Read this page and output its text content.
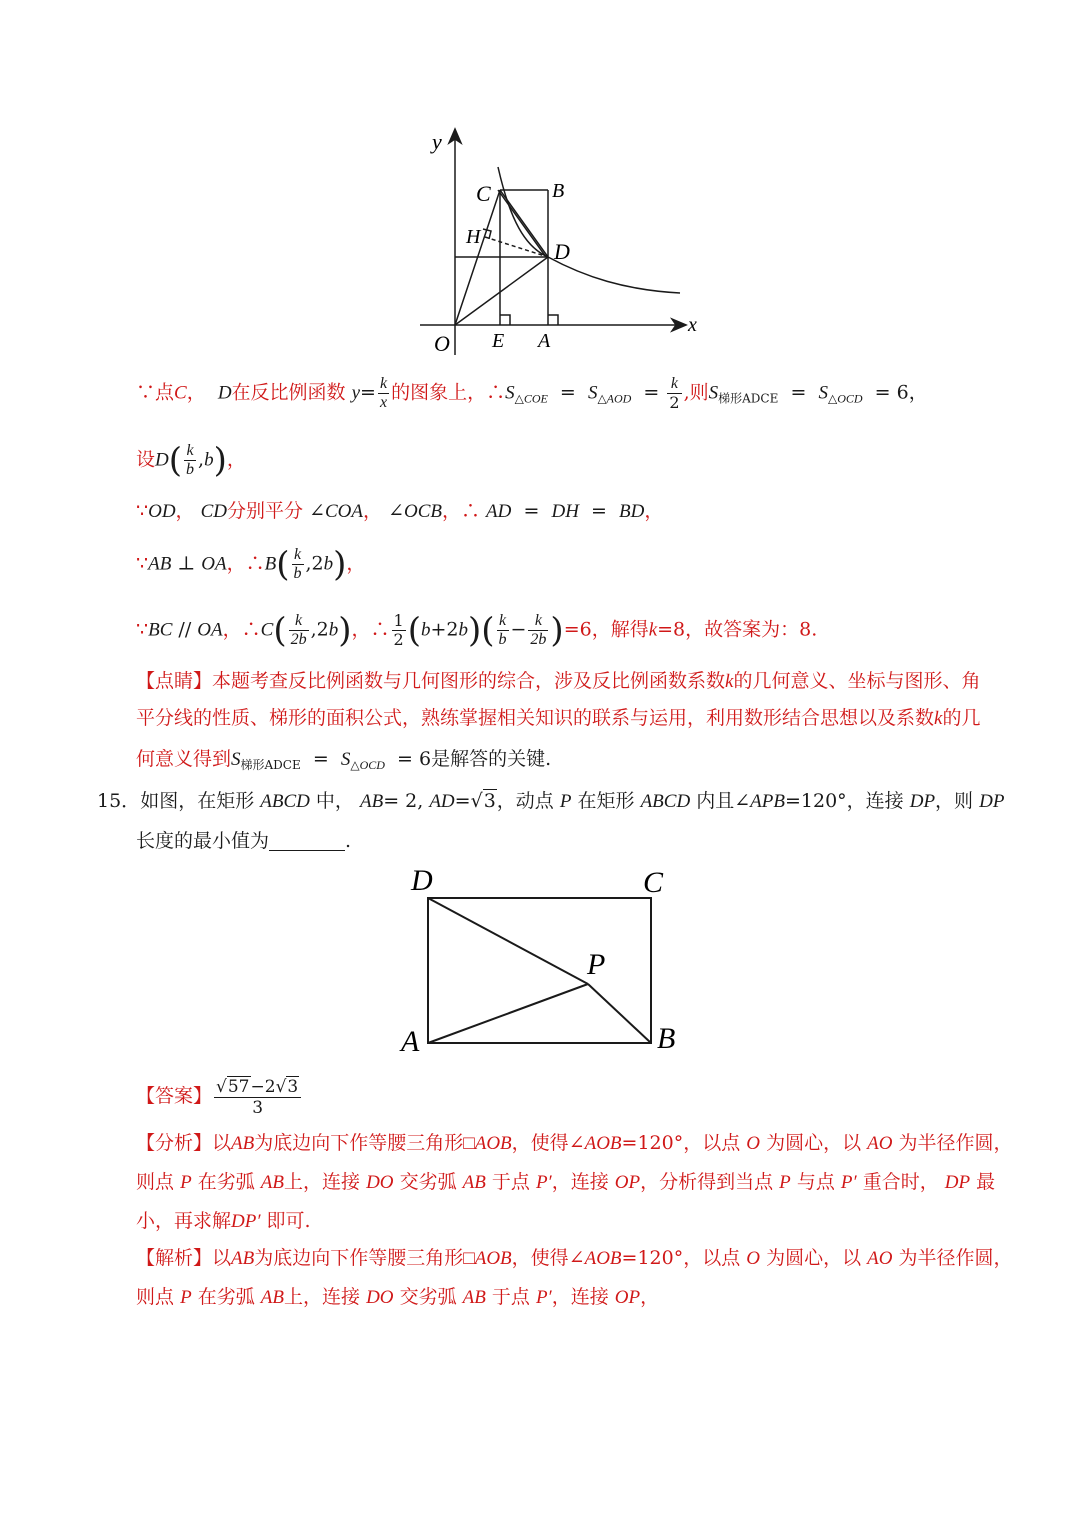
y
x
O E A
C	B
H
D
∵点C， D在反比例函数 $y= \frac{k}{x}$ 的图象上，$\therefore S_{\triangle COE} = S_{\triangle AOD} = \frac{k}{2}$ ,则$S_{梯形ADCE} = S_{\triangle OCD} = 6$，
设$D( \frac{k}{b} ,b)$，
∵OD， CD分别平分 ∠COA， ∠OCB，∴ AD = DH = BD，
∵AB ⊥ OA，∴B( $\frac{k}{b} ,2b$)，
∵BC // OA，∴C( $\frac{k}{2b} ,2b$)，∴ $\frac{1}{2} (b+2b)( \frac{k}{b} - \frac{k}{2b} )=6$，解得k=8，故答案为：8.
【点睛】本题考查反比例函数与几何图形的综合，涉及反比例函数系数k的几何意义、坐标与图形、角
平分线的性质、梯形的面积公式，熟练掌握相关知识的联系与运用，利用数形结合思想以及系数k的几
何意义得到$S_{梯形ADCE} = S_{\triangle OCD} = 6$是解答的关键.
15．如图，在矩形 ABCD 中， AB= 2, AD=√3，动点 P 在矩形 ABCD 内且∠APB=120°，连接 DP，则 DP
长度的最小值为	.
D	C
P
A	B
【答案】 $\frac{√57-2√3}{3}$
【分析】以AB为底边向下作等腰三角形□AOB，使得∠AOB=120°，以点 O 为圆心，以 AO 为半径作圆，
则点 P 在劣弧 AB上，连接 DO 交劣弧 AB 于点 P′，连接 OP，分析得到当点 P 与点 P′ 重合时， DP 最
小，再求解DP′ 即可.
【解析】以AB为底边向下作等腰三角形□AOB，使得∠AOB=120°，以点 O 为圆心，以 AO 为半径作圆，
则点 P 在劣弧 AB上，连接 DO 交劣弧 AB 于点 P′，连接 OP，
